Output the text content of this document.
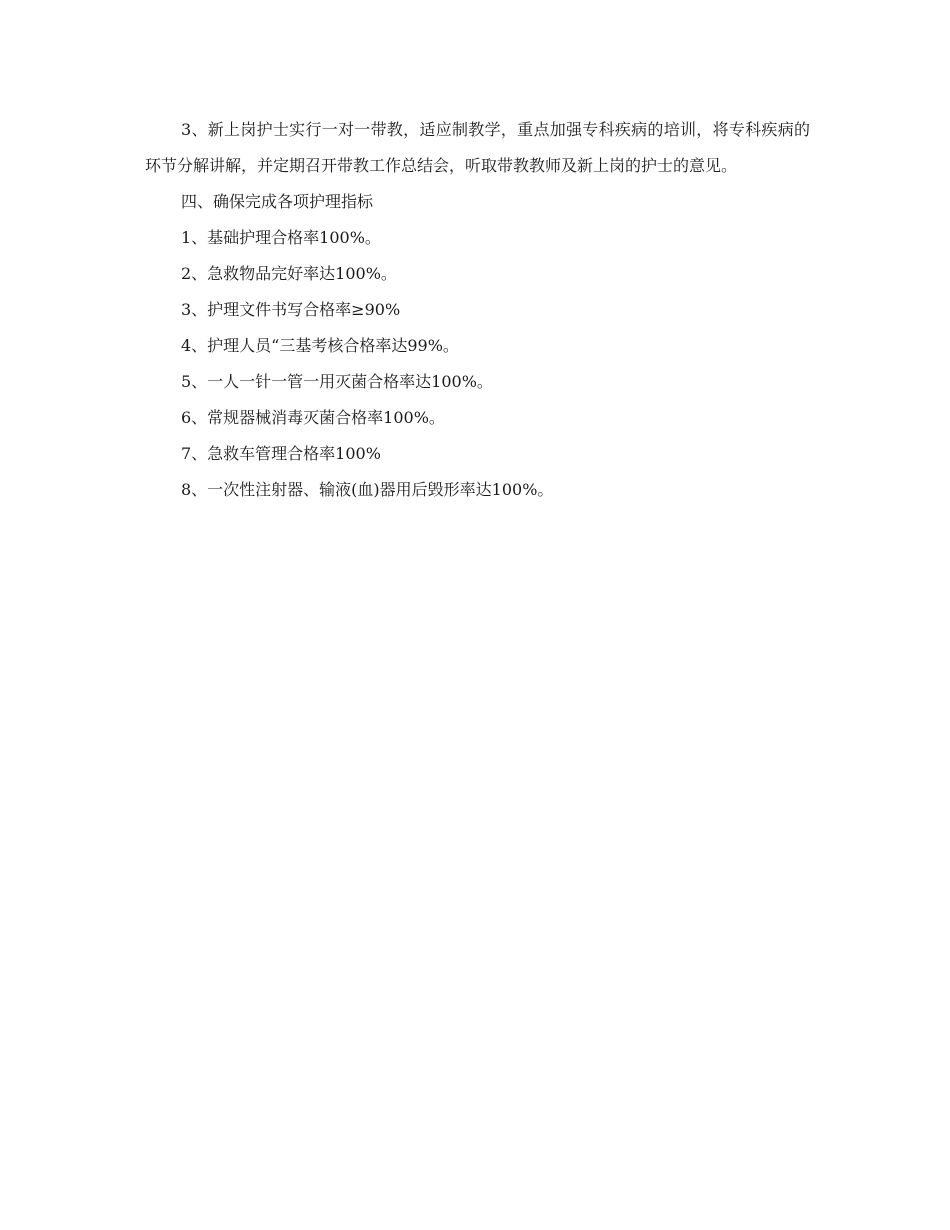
3、新上岗护士实行一对一带教，适应制教学，重点加强专科疾病的培训，将专科疾病的环节分解讲解，并定期召开带教工作总结会，听取带教教师及新上岗的护士的意见。

四、确保完成各项护理指标

1、基础护理合格率100%。

2、急救物品完好率达100%。

3、护理文件书写合格率≥90%

4、护理人员“三基考核合格率达99%。

5、一人一针一管一用灭菌合格率达100%。

6、常规器械消毒灭菌合格率100%。

7、急救车管理合格率100%

8、一次性注射器、输液(血)器用后毁形率达100%。
